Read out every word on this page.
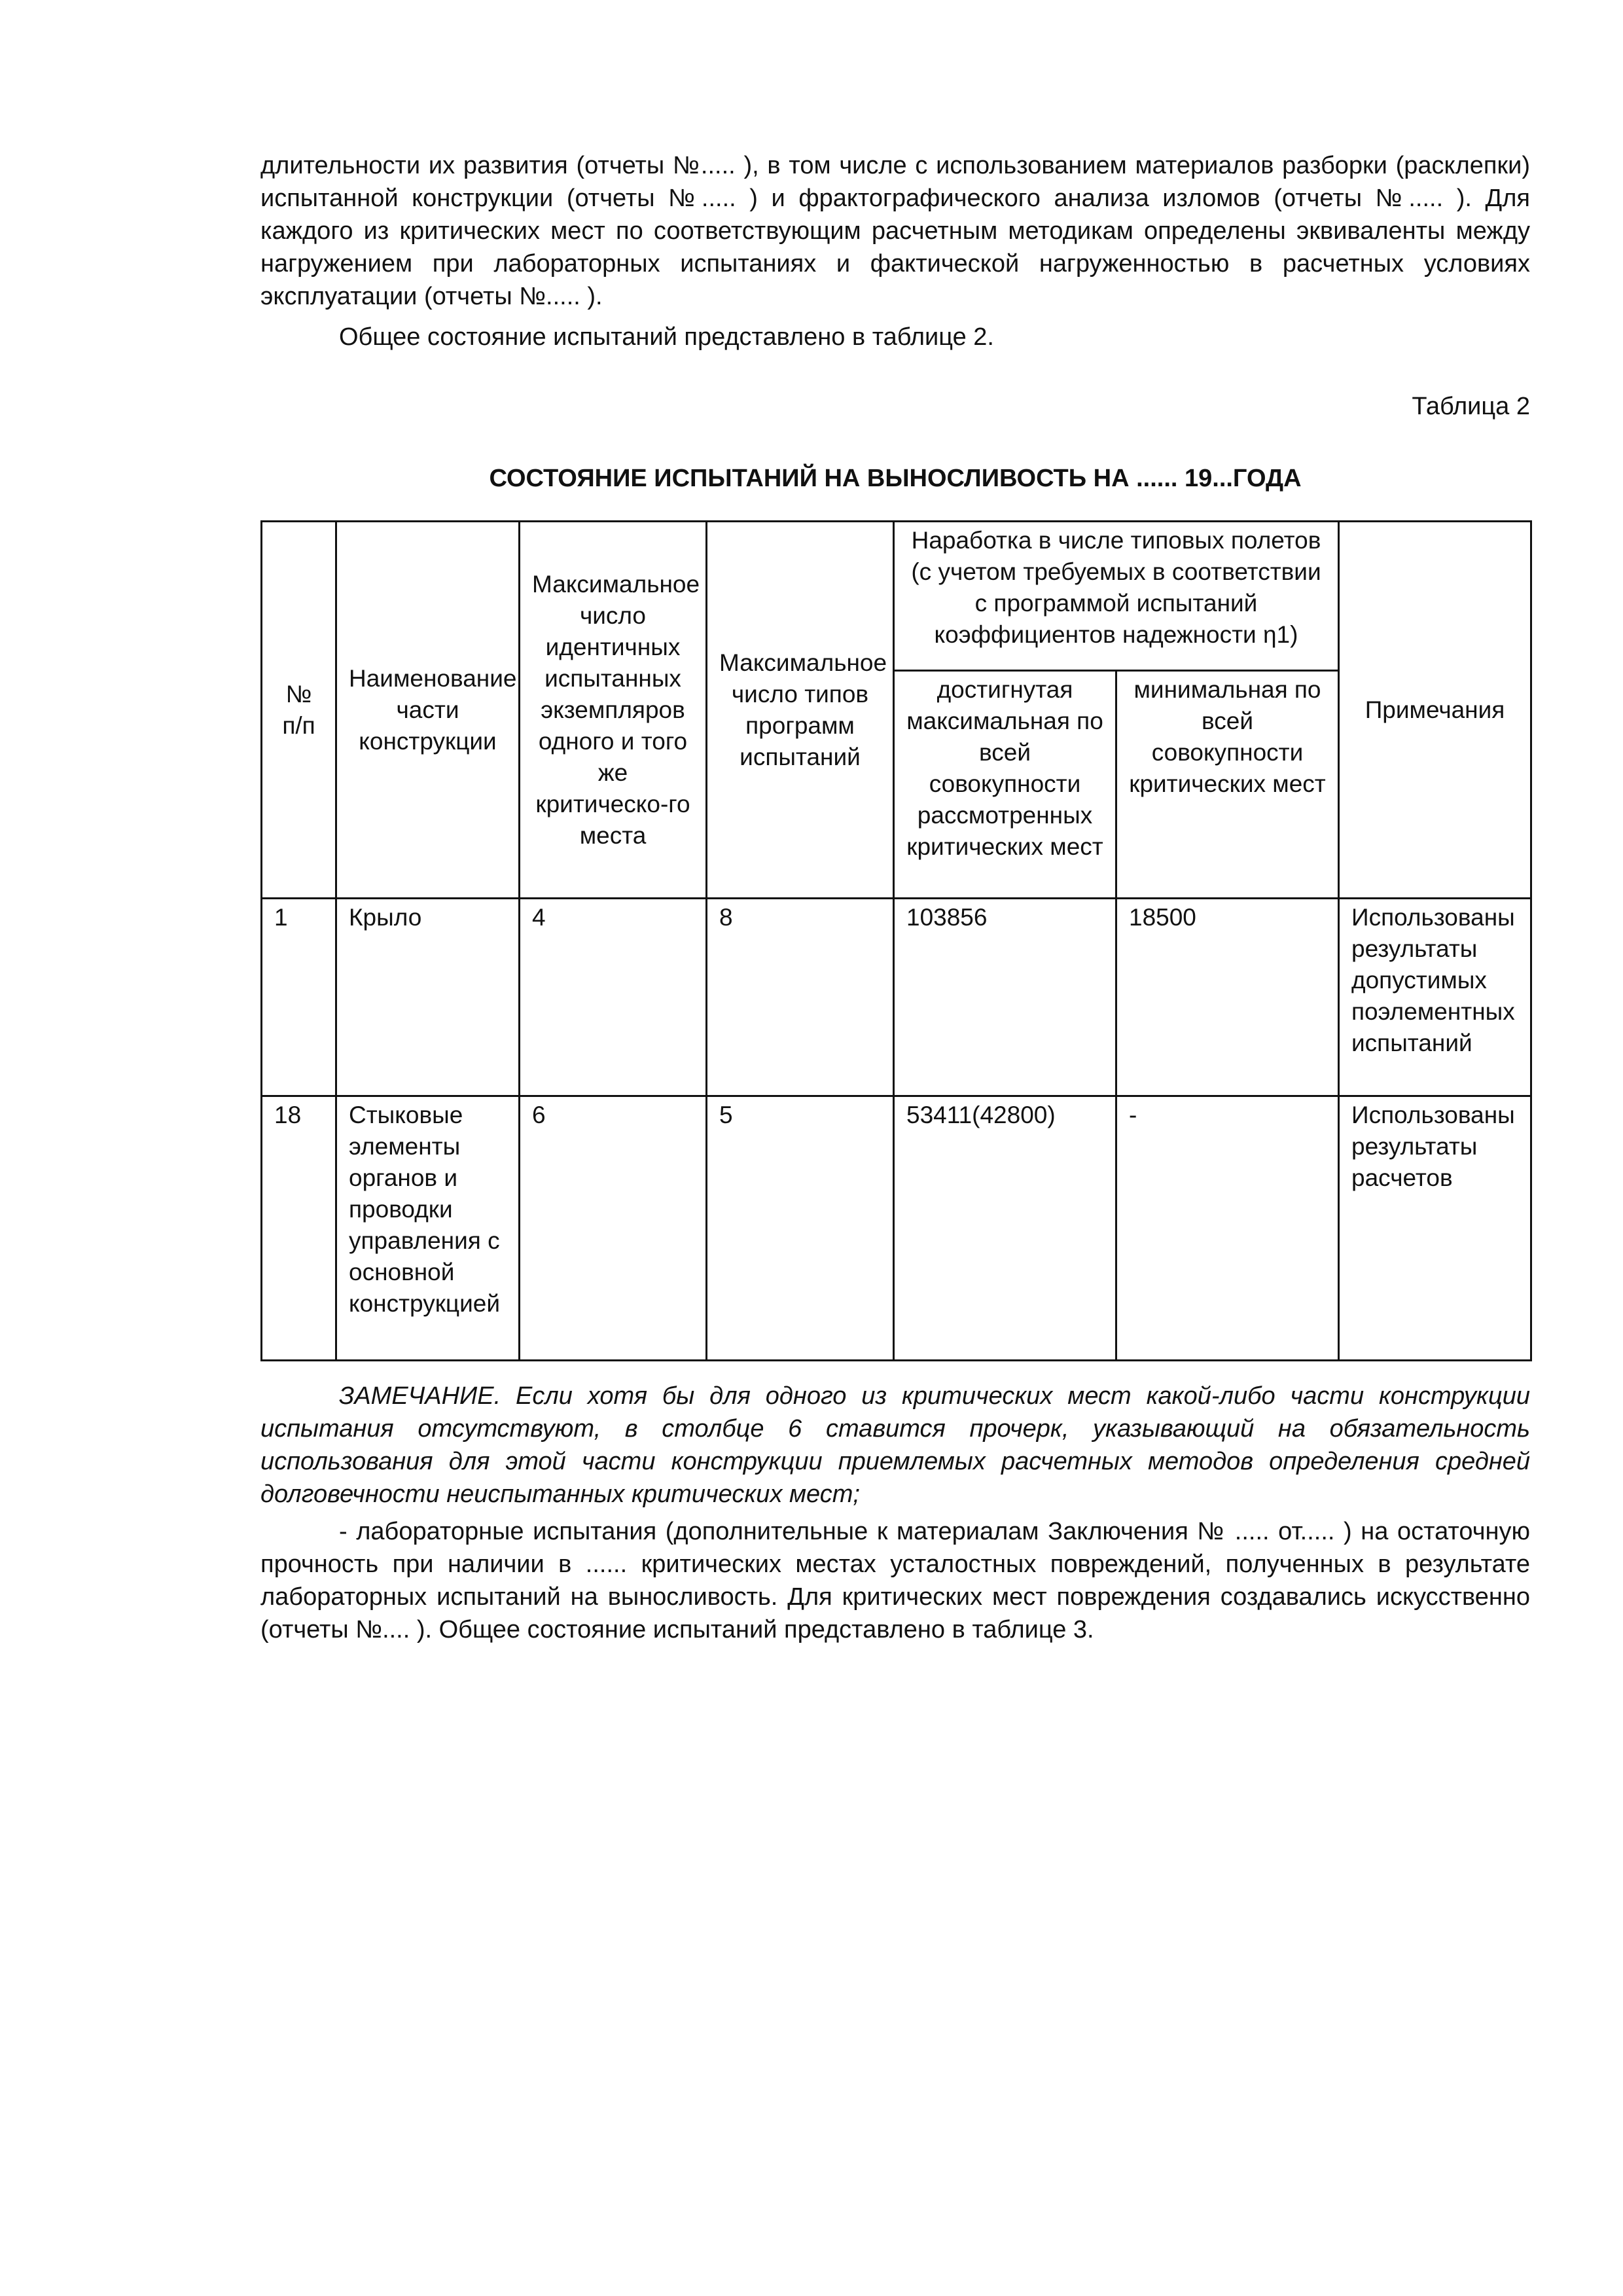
длительности их развития (отчеты №..... ), в том числе с использованием материалов разборки (расклепки) испытанной конструкции (отчеты №..... ) и фрактографического анализа изломов (отчеты №..... ). Для каждого из критических мест по соответствующим расчетным методикам определены эквиваленты между нагружением при лабораторных испытаниях и фактической нагруженностью в расчетных условиях эксплуатации (отчеты №..... ).

Общее состояние испытаний представлено в таблице 2.

Таблица 2

СОСТОЯНИЕ ИСПЫТАНИЙ НА ВЫНОСЛИВОСТЬ НА ...... 19...ГОДА

№ п/п	Наименование части конструкции	Максимальное число идентичных испытанных экземпляров одного и того же критическо-го места	Максимальное число типов программ испытаний	Наработка в числе типовых полетов (с учетом требуемых в соответствии с программой испытаний коэффициентов надежности η1)		Примечания
				достигнутая максимальная по всей совокупности рассмотренных критических мест	минимальная по всей совокупности критических мест	
1	Крыло	4	8	103856	18500	Использованы результаты допустимых поэлементных испытаний
18	Стыковые элементы органов и проводки управления с основной конструкцией	6	5	53411(42800)	-	Использованы результаты расчетов

ЗАМЕЧАНИЕ. Если хотя бы для одного из критических мест какой-либо части конструкции испытания отсутствуют, в столбце 6 ставится прочерк, указывающий на обязательность использования для этой части конструкции приемлемых расчетных методов определения средней долговечности неиспытанных критических мест;

- лабораторные испытания (дополнительные к материалам Заключения № ..... от..... ) на остаточную прочность при наличии в ...... критических местах усталостных повреждений, полученных в результате лабораторных испытаний на выносливость. Для критических мест повреждения создавались искусственно (отчеты №.... ). Общее состояние испытаний представлено в таблице 3.
